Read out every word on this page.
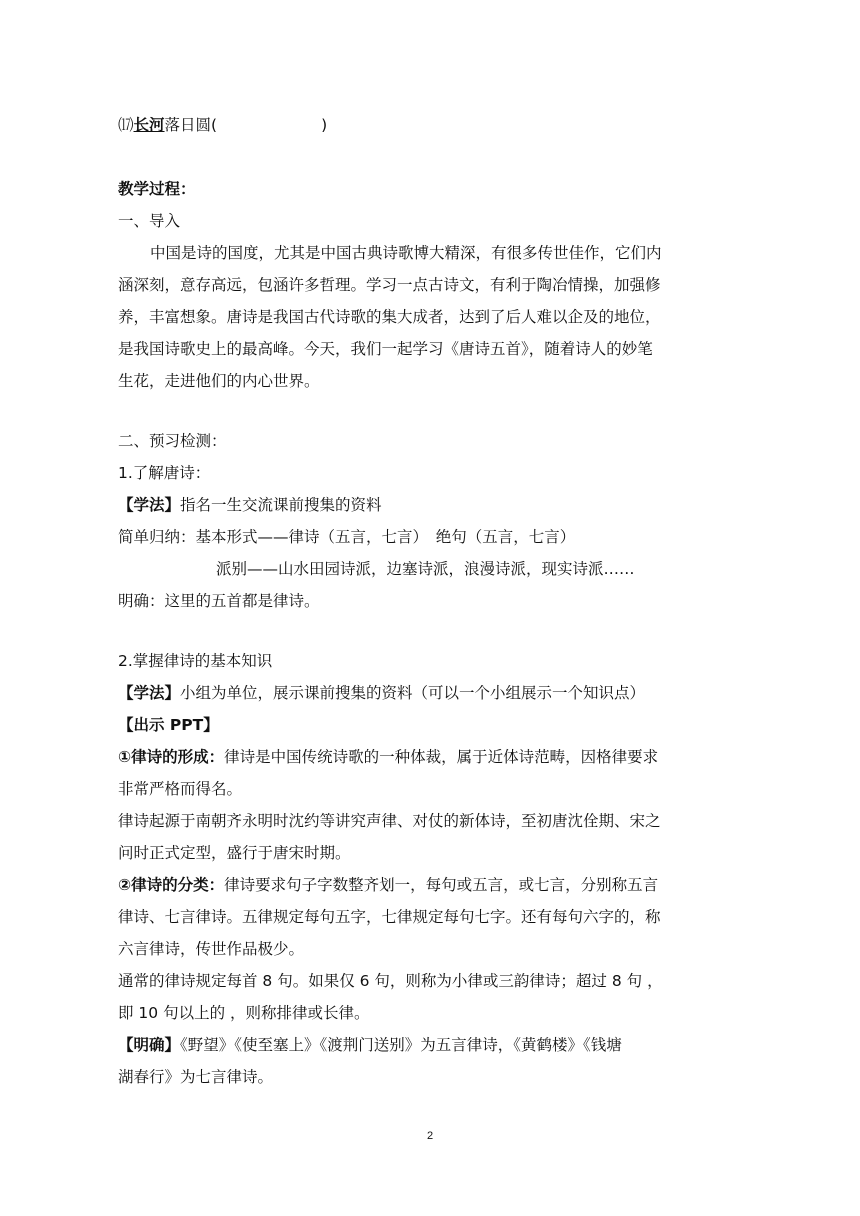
⒄长河落日圆(	)
教学过程：
一、导入
中国是诗的国度，尤其是中国古典诗歌博大精深，有很多传世佳作，它们内
涵深刻，意存高远，包涵许多哲理。学习一点古诗文，有利于陶冶情操，加强修
养，丰富想象。唐诗是我国古代诗歌的集大成者，达到了后人难以企及的地位，
是我国诗歌史上的最高峰。今天，我们一起学习《唐诗五首》，随着诗人的妙笔
生花，走进他们的内心世界。
二、预习检测：
1.了解唐诗：
【学法】指名一生交流课前搜集的资料
简单归纳：基本形式——律诗（五言，七言）　绝句（五言，七言）
派别——山水田园诗派，边塞诗派，浪漫诗派，现实诗派……
明确：这里的五首都是律诗。
2.掌握律诗的基本知识
【学法】小组为单位，展示课前搜集的资料（可以一个小组展示一个知识点）
【出示 PPT】
①律诗的形成：律诗是中国传统诗歌的一种体裁，属于近体诗范畴，因格律要求
非常严格而得名。
律诗起源于南朝齐永明时沈约等讲究声律、对仗的新体诗，至初唐沈佺期、宋之
问时正式定型，盛行于唐宋时期。
②律诗的分类：律诗要求句子字数整齐划一，每句或五言，或七言，分别称五言
律诗、七言律诗。五律规定每句五字，七律规定每句七字。还有每句六字的，称
六言律诗，传世作品极少。
通常的律诗规定每首 8 句。如果仅 6 句，则称为小律或三韵律诗；超过 8 句 ，
即 10 句以上的 ，则称排律或长律。
【明确】《野望》《使至塞上》《渡荆门送别》为五言律诗，《黄鹤楼》《钱塘
湖春行》为七言律诗。
2
